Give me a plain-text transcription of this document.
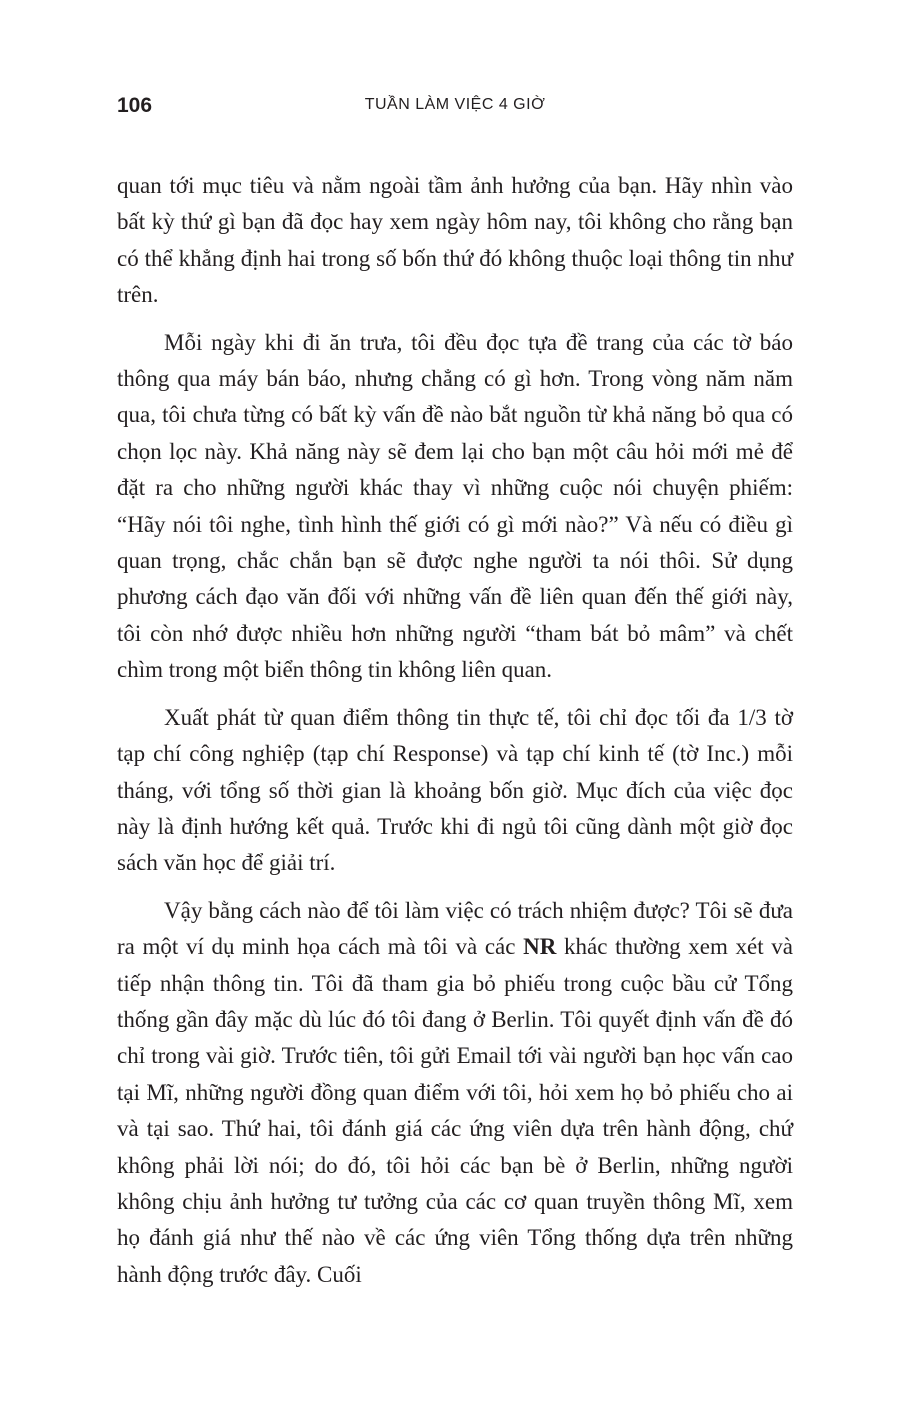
106	TUẦN LÀM VIỆC 4 GIỜ

quan tới mục tiêu và nằm ngoài tầm ảnh hưởng của bạn. Hãy nhìn vào bất kỳ thứ gì bạn đã đọc hay xem ngày hôm nay, tôi không cho rằng bạn có thể khẳng định hai trong số bốn thứ đó không thuộc loại thông tin như trên.

Mỗi ngày khi đi ăn trưa, tôi đều đọc tựa đề trang của các tờ báo thông qua máy bán báo, nhưng chẳng có gì hơn. Trong vòng năm năm qua, tôi chưa từng có bất kỳ vấn đề nào bắt nguồn từ khả năng bỏ qua có chọn lọc này. Khả năng này sẽ đem lại cho bạn một câu hỏi mới mẻ để đặt ra cho những người khác thay vì những cuộc nói chuyện phiếm: “Hãy nói tôi nghe, tình hình thế giới có gì mới nào?” Và nếu có điều gì quan trọng, chắc chắn bạn sẽ được nghe người ta nói thôi. Sử dụng phương cách đạo văn đối với những vấn đề liên quan đến thế giới này, tôi còn nhớ được nhiều hơn những người “tham bát bỏ mâm” và chết chìm trong một biển thông tin không liên quan.

Xuất phát từ quan điểm thông tin thực tế, tôi chỉ đọc tối đa 1/3 tờ tạp chí công nghiệp (tạp chí Response) và tạp chí kinh tế (tờ Inc.) mỗi tháng, với tổng số thời gian là khoảng bốn giờ. Mục đích của việc đọc này là định hướng kết quả. Trước khi đi ngủ tôi cũng dành một giờ đọc sách văn học để giải trí.

Vậy bằng cách nào để tôi làm việc có trách nhiệm được? Tôi sẽ đưa ra một ví dụ minh họa cách mà tôi và các NR khác thường xem xét và tiếp nhận thông tin. Tôi đã tham gia bỏ phiếu trong cuộc bầu cử Tổng thống gần đây mặc dù lúc đó tôi đang ở Berlin. Tôi quyết định vấn đề đó chỉ trong vài giờ. Trước tiên, tôi gửi Email tới vài người bạn học vấn cao tại Mĩ, những người đồng quan điểm với tôi, hỏi xem họ bỏ phiếu cho ai và tại sao. Thứ hai, tôi đánh giá các ứng viên dựa trên hành động, chứ không phải lời nói; do đó, tôi hỏi các bạn bè ở Berlin, những người không chịu ảnh hưởng tư tưởng của các cơ quan truyền thông Mĩ, xem họ đánh giá như thế nào về các ứng viên Tổng thống dựa trên những hành động trước đây. Cuối
